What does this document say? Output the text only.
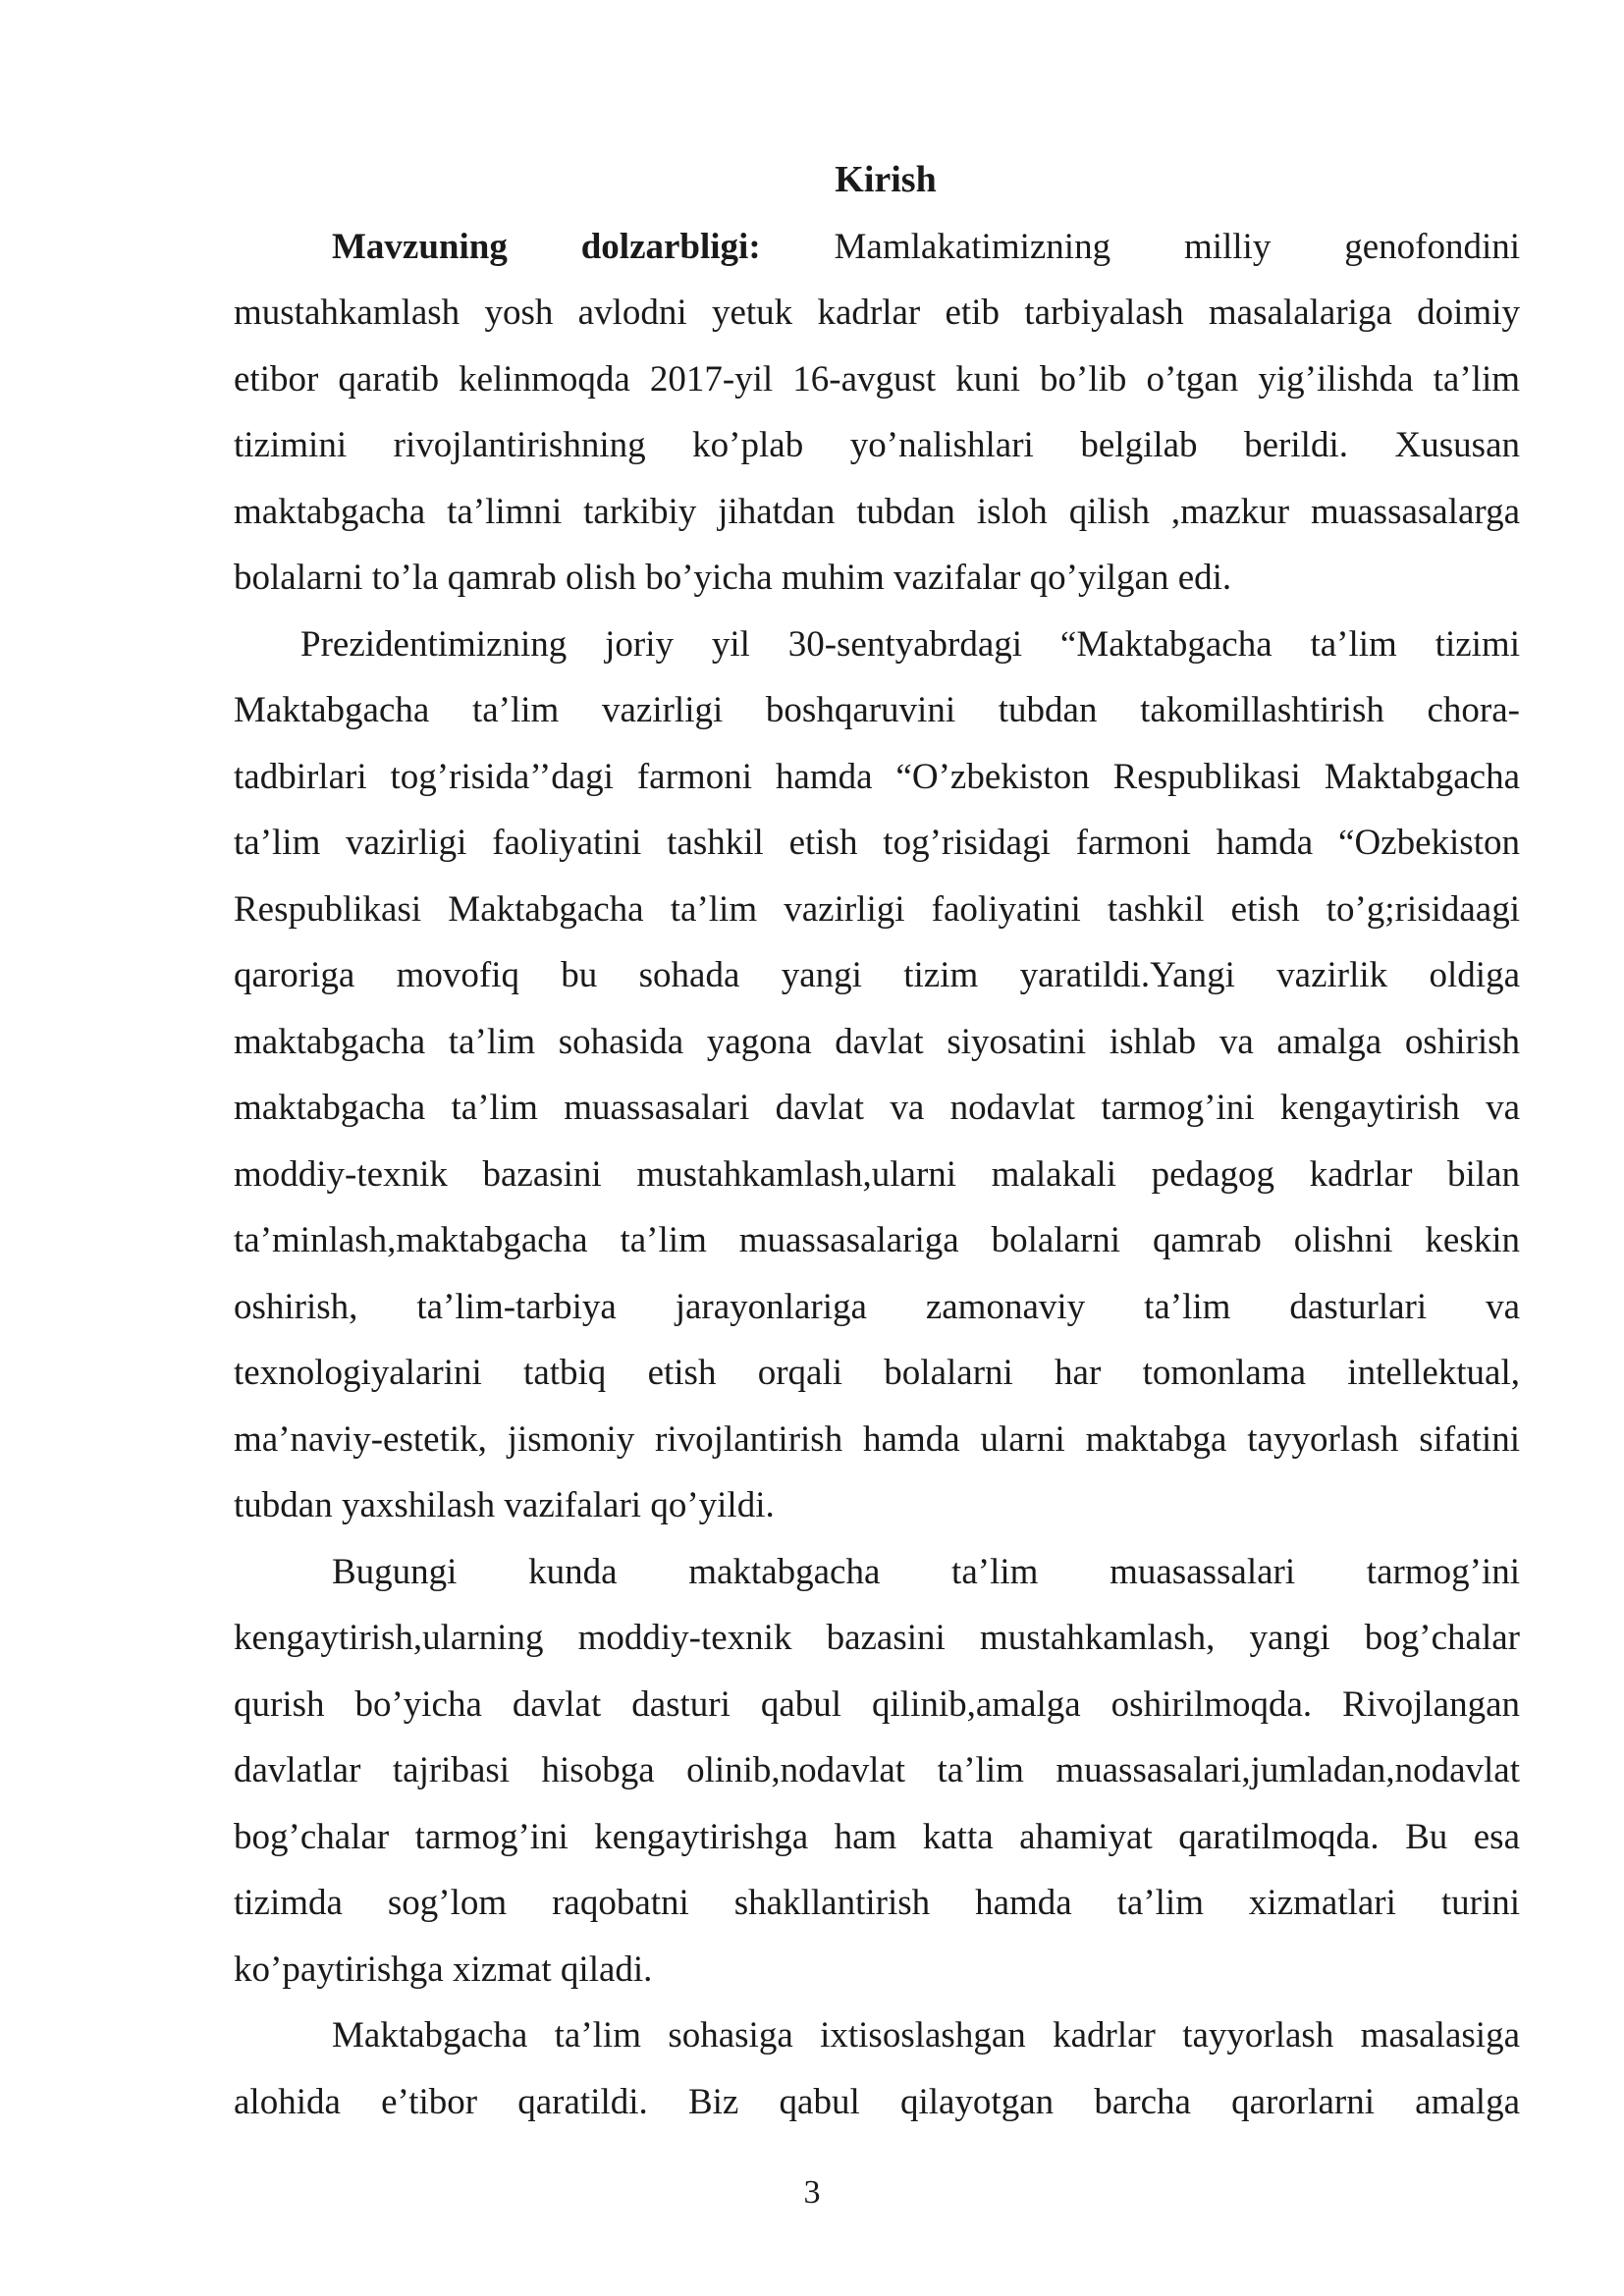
Kirish
Mavzuning dolzarbligi: Mamlakatimizning milliy genofondini
mustahkamlash yosh avlodni yetuk kadrlar etib tarbiyalash masalalariga doimiy
etibor qaratib kelinmoqda 2017-yil 16-avgust kuni bo’lib o’tgan yig’ilishda ta’lim
tizimini rivojlantirishning ko’plab yo’nalishlari belgilab berildi. Xususan
maktabgacha ta’limni tarkibiy jihatdan tubdan isloh qilish ,mazkur muassasalarga
bolalarni to’la qamrab olish bo’yicha muhim vazifalar qo’yilgan edi.
Prezidentimizning joriy yil 30-sentyabrdagi “Maktabgacha ta’lim tizimi
Maktabgacha ta’lim vazirligi boshqaruvini tubdan takomillashtirish chora-
tadbirlari tog’risida’’dagi farmoni hamda “O’zbekiston Respublikasi Maktabgacha
ta’lim vazirligi faoliyatini tashkil etish tog’risidagi farmoni hamda “Ozbekiston
Respublikasi Maktabgacha ta’lim vazirligi faoliyatini tashkil etish to’g;risidaagi
qaroriga movofiq bu sohada yangi tizim yaratildi.Yangi vazirlik oldiga
maktabgacha ta’lim sohasida yagona davlat siyosatini ishlab va amalga oshirish
maktabgacha ta’lim muassasalari davlat va nodavlat tarmog’ini kengaytirish va
moddiy-texnik bazasini mustahkamlash,ularni malakali pedagog kadrlar bilan
ta’minlash,maktabgacha ta’lim muassasalariga bolalarni qamrab olishni keskin
oshirish, ta’lim-tarbiya jarayonlariga zamonaviy ta’lim dasturlari va
texnologiyalarini tatbiq etish orqali bolalarni har tomonlama intellektual,
ma’naviy-estetik, jismoniy rivojlantirish hamda ularni maktabga tayyorlash sifatini
tubdan yaxshilash vazifalari qo’yildi.
Bugungi kunda maktabgacha ta’lim muasassalari tarmog’ini
kengaytirish,ularning moddiy-texnik bazasini mustahkamlash, yangi bog’chalar
qurish bo’yicha davlat dasturi qabul qilinib,amalga oshirilmoqda. Rivojlangan
davlatlar tajribasi hisobga olinib,nodavlat ta’lim muassasalari,jumladan,nodavlat
bog’chalar tarmog’ini kengaytirishga ham katta ahamiyat qaratilmoqda. Bu esa
tizimda sog’lom raqobatni shakllantirish hamda ta’lim xizmatlari turini
ko’paytirishga xizmat qiladi.
Maktabgacha ta’lim sohasiga ixtisoslashgan kadrlar tayyorlash masalasiga
alohida e’tibor qaratildi. Biz qabul qilayotgan barcha qarorlarni amalga
3
